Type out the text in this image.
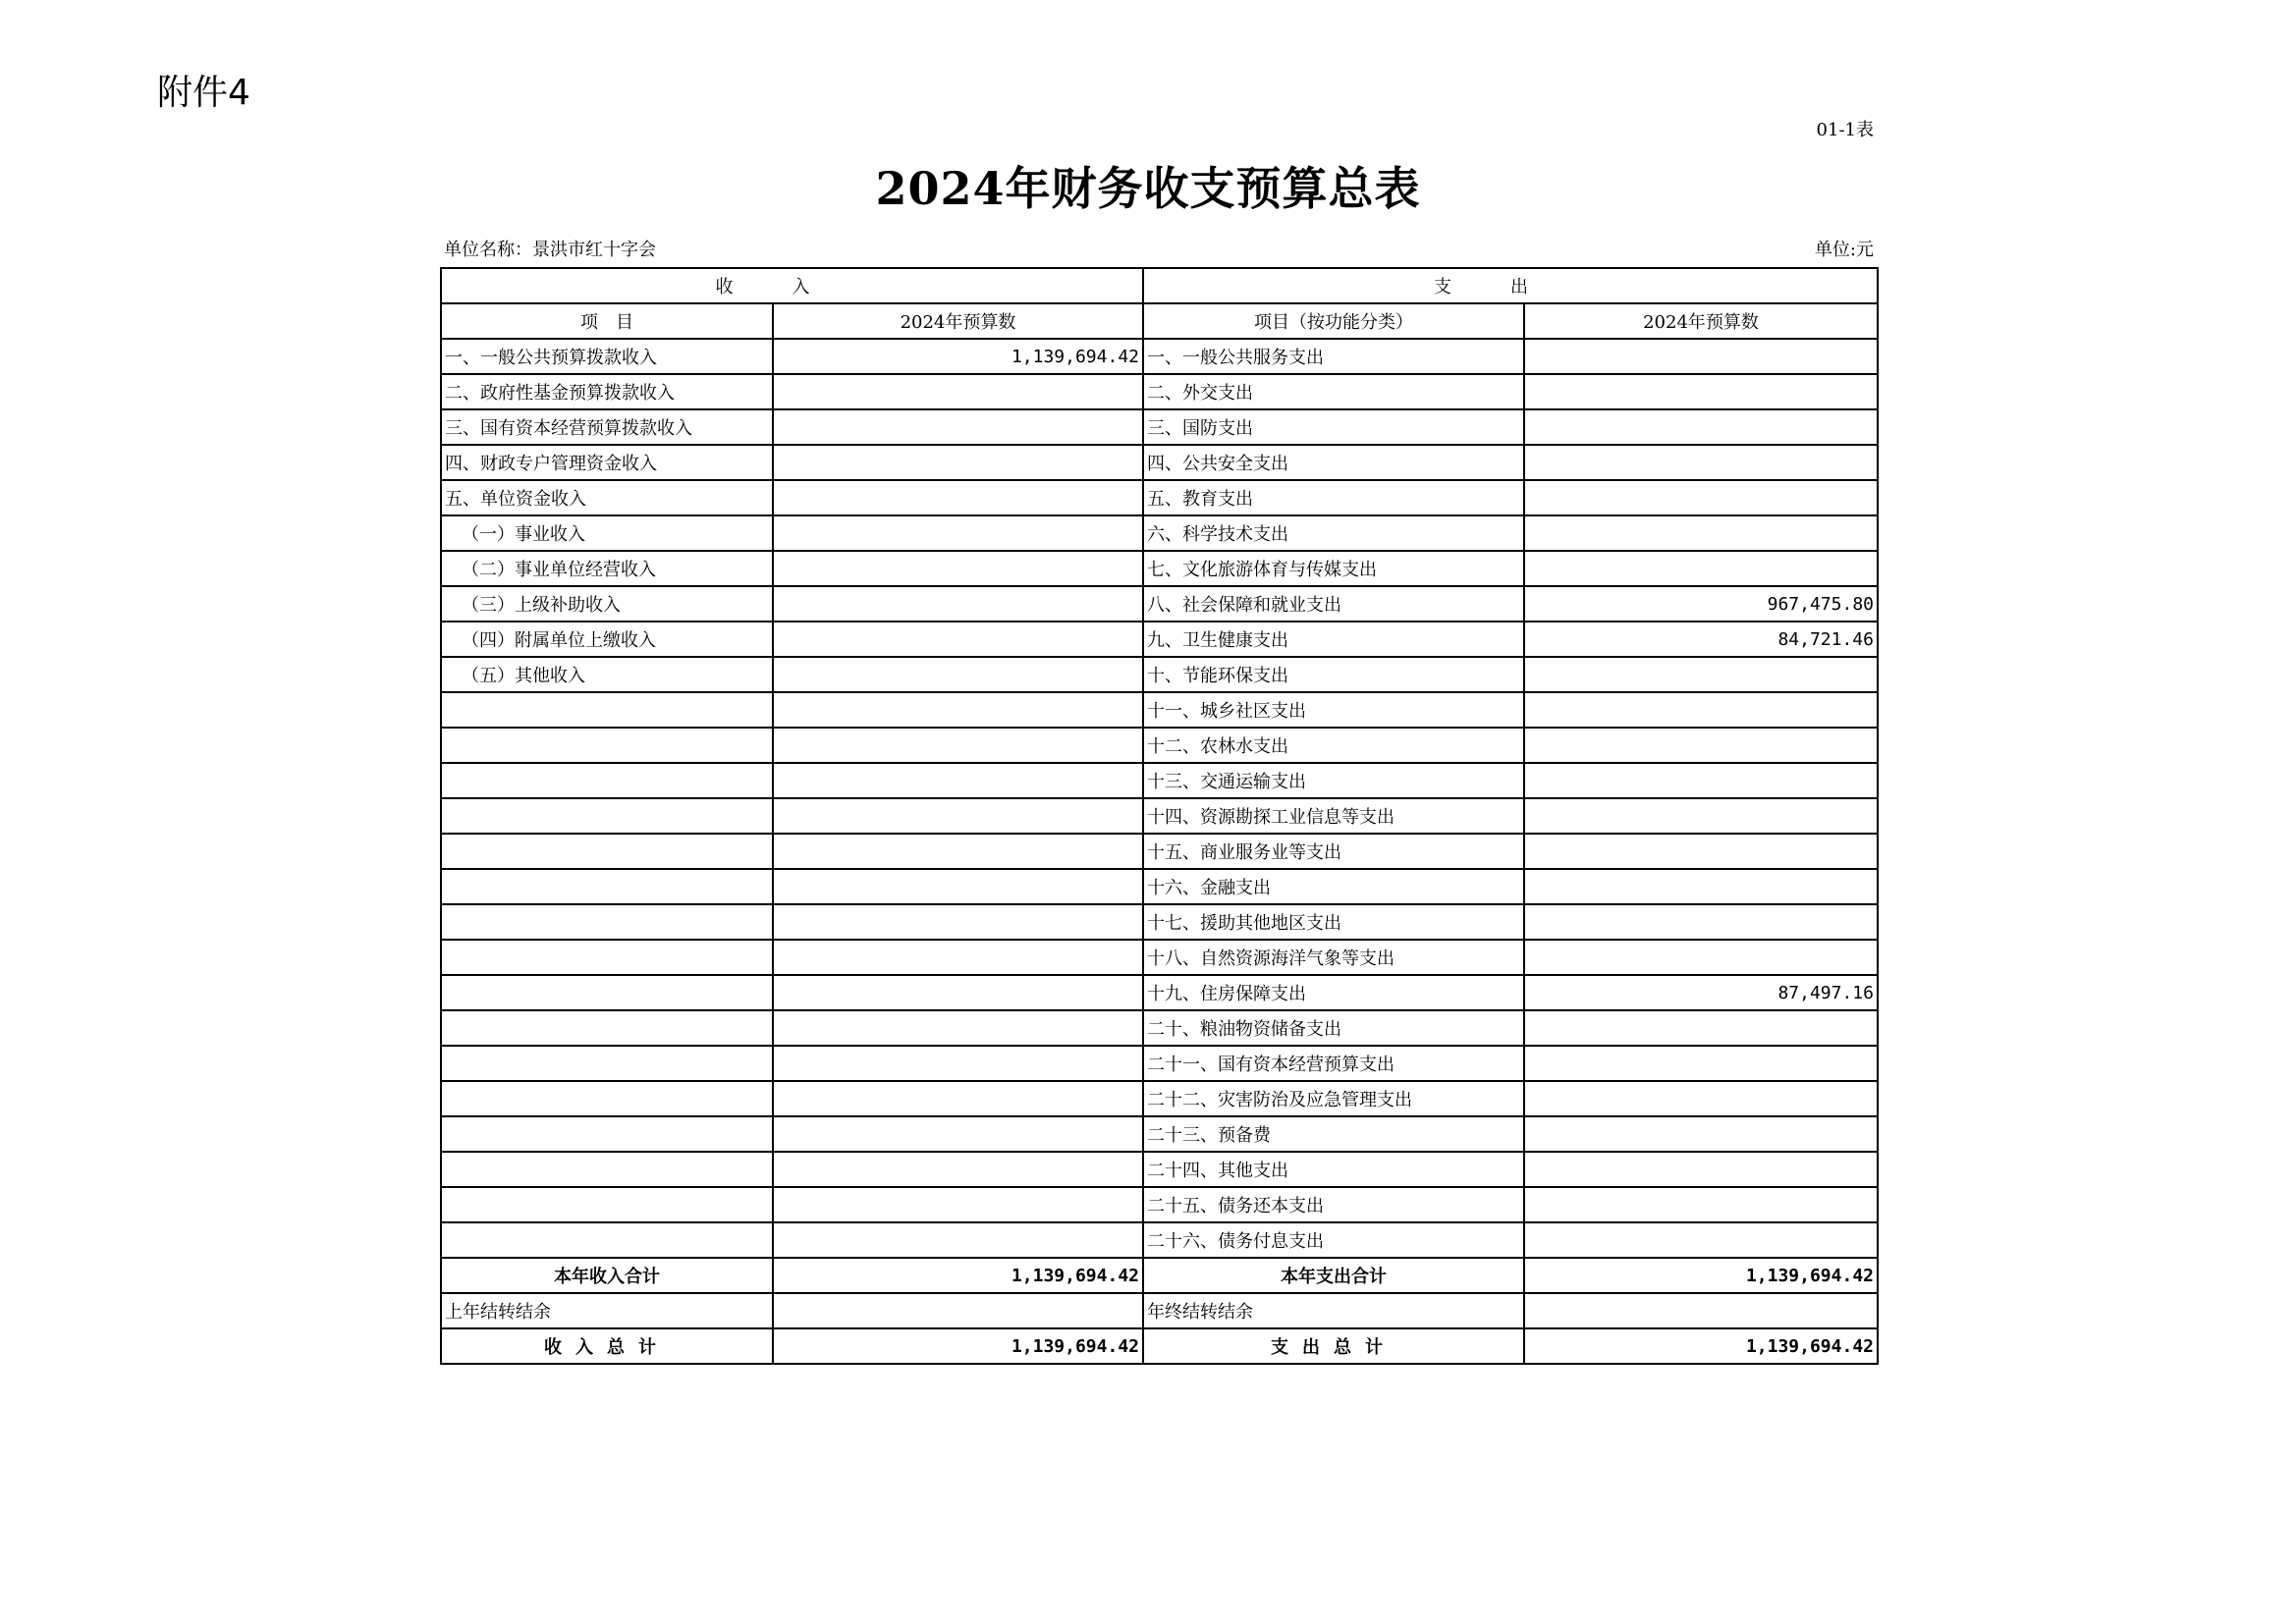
附件4
01-1表
2024年财务收支预算总表
单位名称：景洪市红十字会	单位:元
收入		支出	
项　目	2024年预算数	项目（按功能分类）	2024年预算数
一、一般公共预算拨款收入	1,139,694.42	一、一般公共服务支出	
二、政府性基金预算拨款收入		二、外交支出	
三、国有资本经营预算拨款收入		三、国防支出	
四、财政专户管理资金收入		四、公共安全支出	
五、单位资金收入		五、教育支出	
（一）事业收入		六、科学技术支出	
（二）事业单位经营收入		七、文化旅游体育与传媒支出	
（三）上级补助收入		八、社会保障和就业支出	967,475.80
（四）附属单位上缴收入		九、卫生健康支出	84,721.46
（五）其他收入		十、节能环保支出	
		十一、城乡社区支出	
		十二、农林水支出	
		十三、交通运输支出	
		十四、资源勘探工业信息等支出	
		十五、商业服务业等支出	
		十六、金融支出	
		十七、援助其他地区支出	
		十八、自然资源海洋气象等支出	
		十九、住房保障支出	87,497.16
		二十、粮油物资储备支出	
		二十一、国有资本经营预算支出	
		二十二、灾害防治及应急管理支出	
		二十三、预备费	
		二十四、其他支出	
		二十五、债务还本支出	
		二十六、债务付息支出	
本年收入合计	1,139,694.42	本年支出合计	1,139,694.42
上年结转结余		年终结转结余	
收入总计	1,139,694.42	支出总计	1,139,694.42
